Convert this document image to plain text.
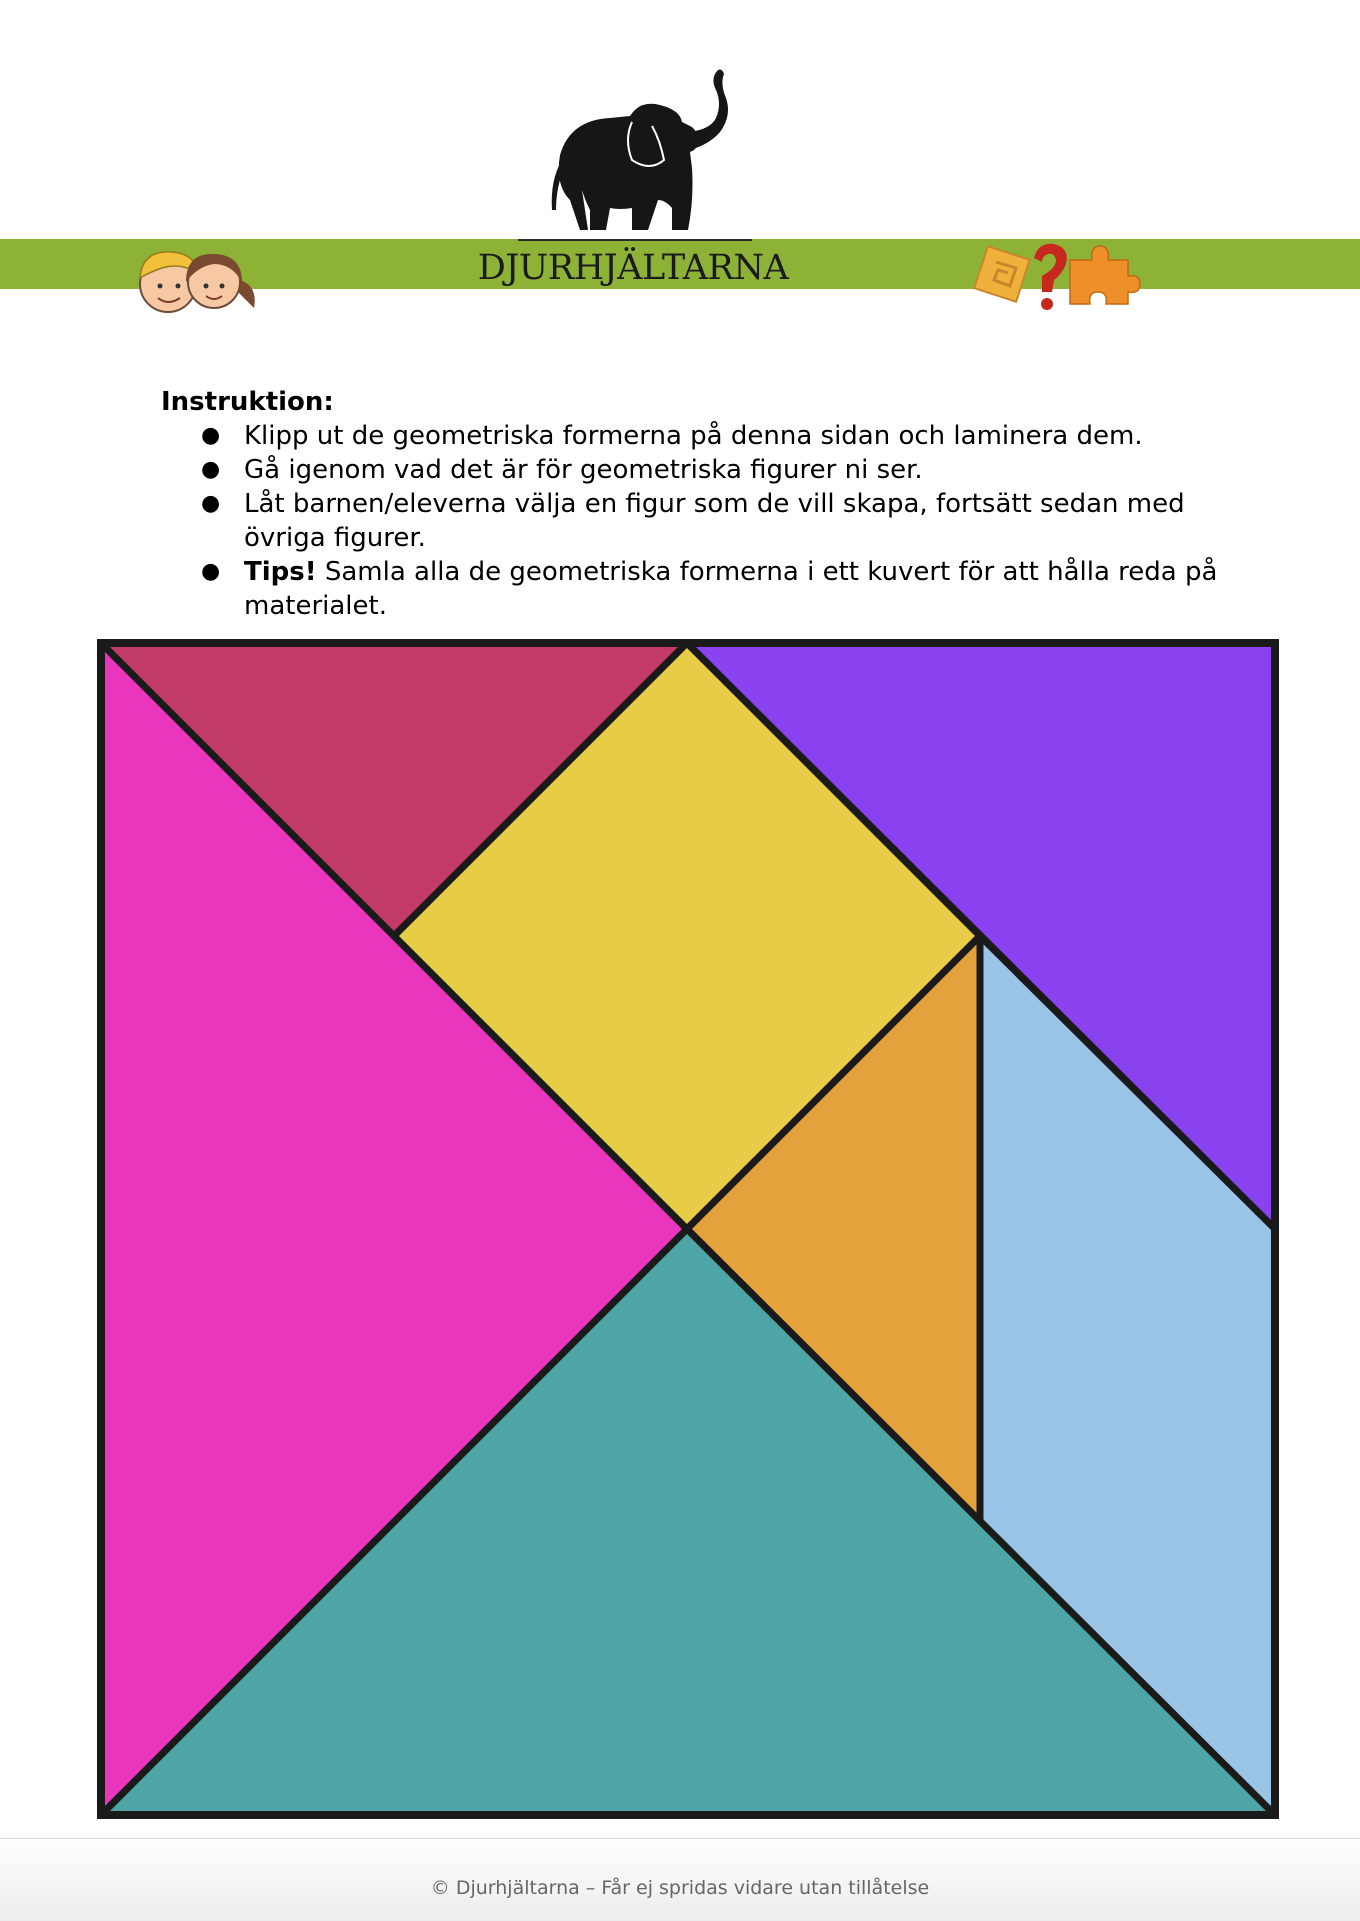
DJURHJÄLTARNA

Instruktion:

● Klipp ut de geometriska formerna på denna sidan och laminera dem.
● Gå igenom vad det är för geometriska figurer ni ser.
● Låt barnen/eleverna välja en figur som de vill skapa, fortsätt sedan med övriga figurer.
● Tips! Samla alla de geometriska formerna i ett kuvert för att hålla reda på materialet.
© Djurhjältarna – Får ej spridas vidare utan tillåtelse
